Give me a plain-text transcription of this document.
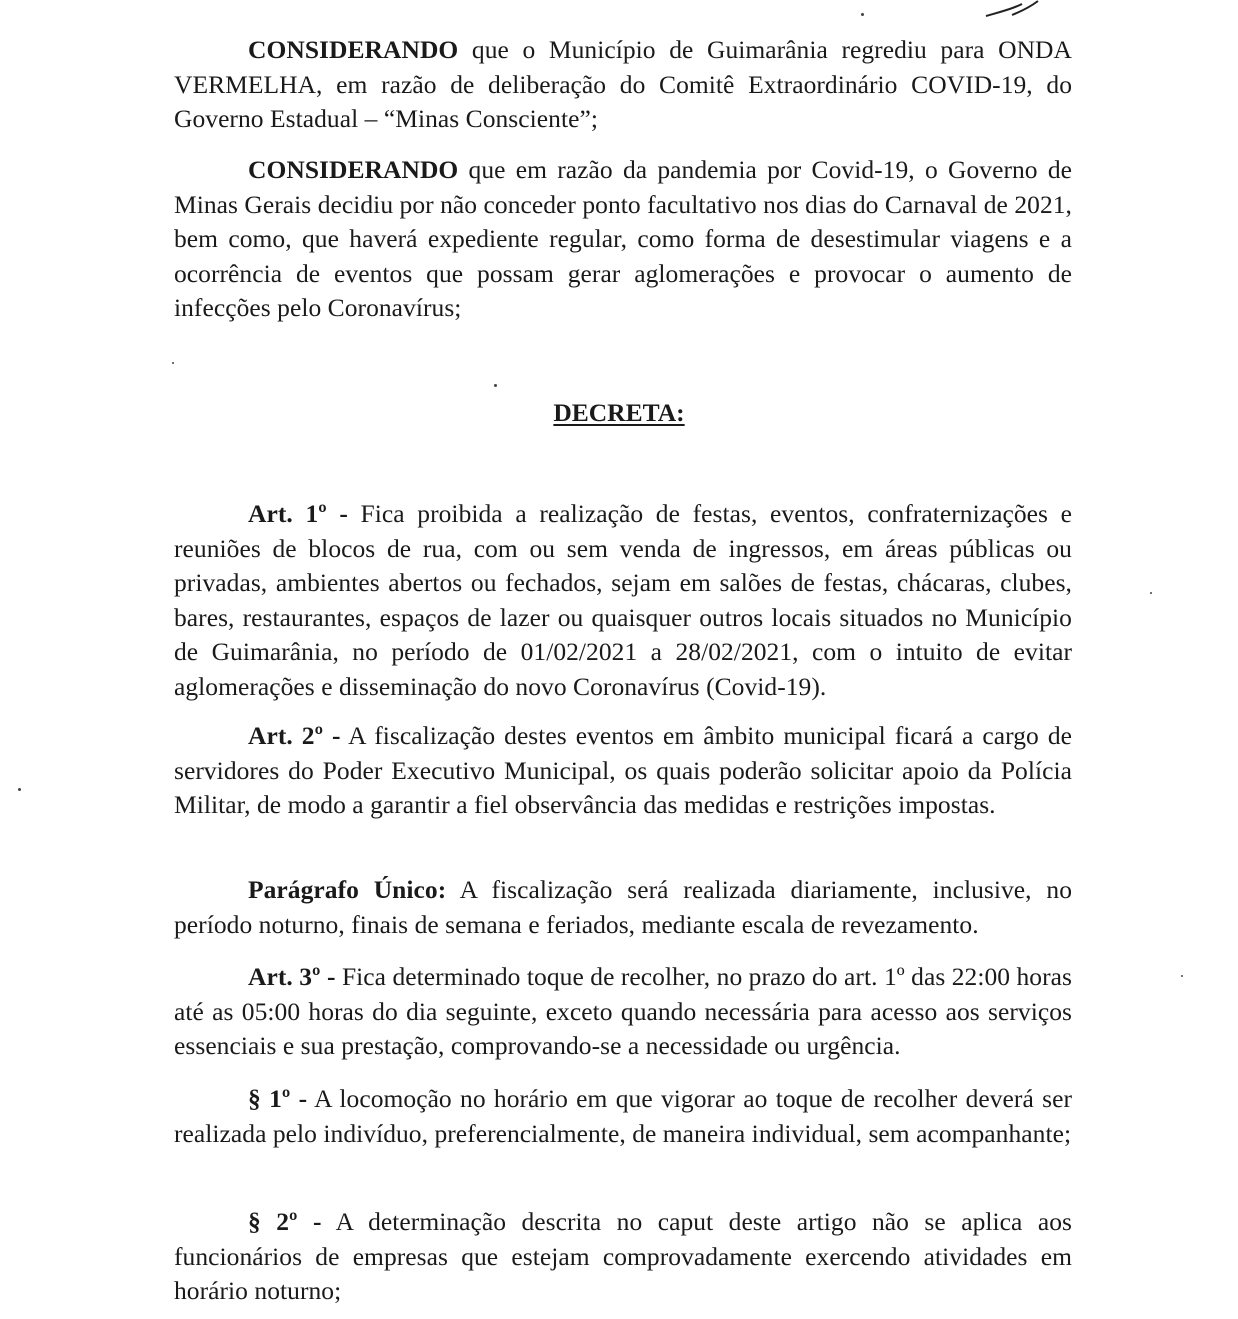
CONSIDERANDO que o Município de Guimarânia regrediu para ONDA VERMELHA, em razão de deliberação do Comitê Extraordinário COVID-19, do Governo Estadual – “Minas Consciente”;

CONSIDERANDO que em razão da pandemia por Covid-19, o Governo de Minas Gerais decidiu por não conceder ponto facultativo nos dias do Carnaval de 2021, bem como, que haverá expediente regular, como forma de desestimular viagens e a ocorrência de eventos que possam gerar aglomerações e provocar o aumento de infecções pelo Coronavírus;

DECRETA:

Art. 1º - Fica proibida a realização de festas, eventos, confraternizações e reuniões de blocos de rua, com ou sem venda de ingressos, em áreas públicas ou privadas, ambientes abertos ou fechados, sejam em salões de festas, chácaras, clubes, bares, restaurantes, espaços de lazer ou quaisquer outros locais situados no Município de Guimarânia, no período de 01/02/2021 a 28/02/2021, com o intuito de evitar aglomerações e disseminação do novo Coronavírus (Covid-19).

Art. 2º - A fiscalização destes eventos em âmbito municipal ficará a cargo de servidores do Poder Executivo Municipal, os quais poderão solicitar apoio da Polícia Militar, de modo a garantir a fiel observância das medidas e restrições impostas.

Parágrafo Único: A fiscalização será realizada diariamente, inclusive, no período noturno, finais de semana e feriados, mediante escala de revezamento.

Art. 3º - Fica determinado toque de recolher, no prazo do art. 1º das 22:00 horas até as 05:00 horas do dia seguinte, exceto quando necessária para acesso aos serviços essenciais e sua prestação, comprovando-se a necessidade ou urgência.

§ 1º - A locomoção no horário em que vigorar ao toque de recolher deverá ser realizada pelo indivíduo, preferencialmente, de maneira individual, sem acompanhante;

§ 2º - A determinação descrita no caput deste artigo não se aplica aos funcionários de empresas que estejam comprovadamente exercendo atividades em horário noturno;
